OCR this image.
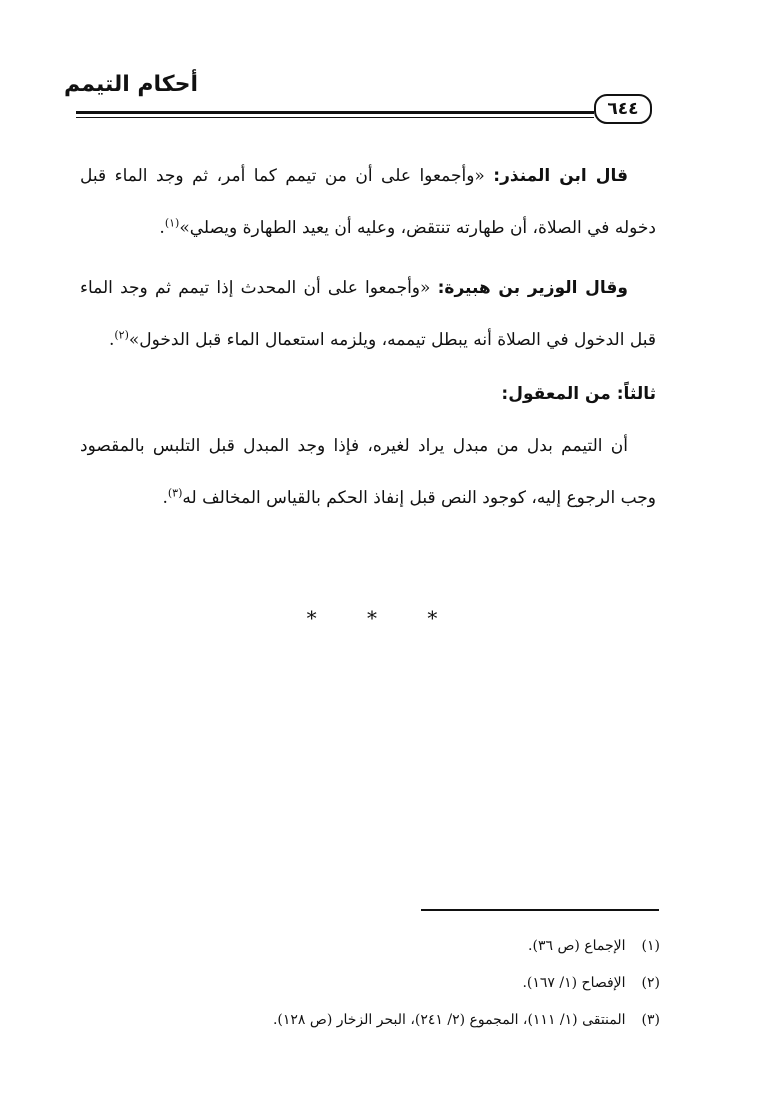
أحكام التيمم
٦٤٤

قال ابن المنذر: «وأجمعوا على أن من تيمم كما أمر، ثم وجد الماء قبل دخوله في الصلاة، أن طهارته تنتقض، وعليه أن يعيد الطهارة ويصلي»$^{(١)}$.

وقال الوزير بن هبيرة: «وأجمعوا على أن المحدث إذا تيمم ثم وجد الماء قبل الدخول في الصلاة أنه يبطل تيممه، ويلزمه استعمال الماء قبل الدخول»$^{(٢)}$.

ثالثاً: من المعقول:

أن التيمم بدل من مبدل يراد لغيره، فإذا وجد المبدل قبل التلبس بالمقصود وجب الرجوع إليه، كوجود النص قبل إنفاذ الحكم بالقياس المخالف له$^{(٣)}$.

* * *

(١) الإجماع (ص ٣٦).

(٢) الإفصاح (١/ ١٦٧).

(٣) المنتقى (١/ ١١١)، المجموع (٢/ ٢٤١)، البحر الزخار (ص ١٢٨).
